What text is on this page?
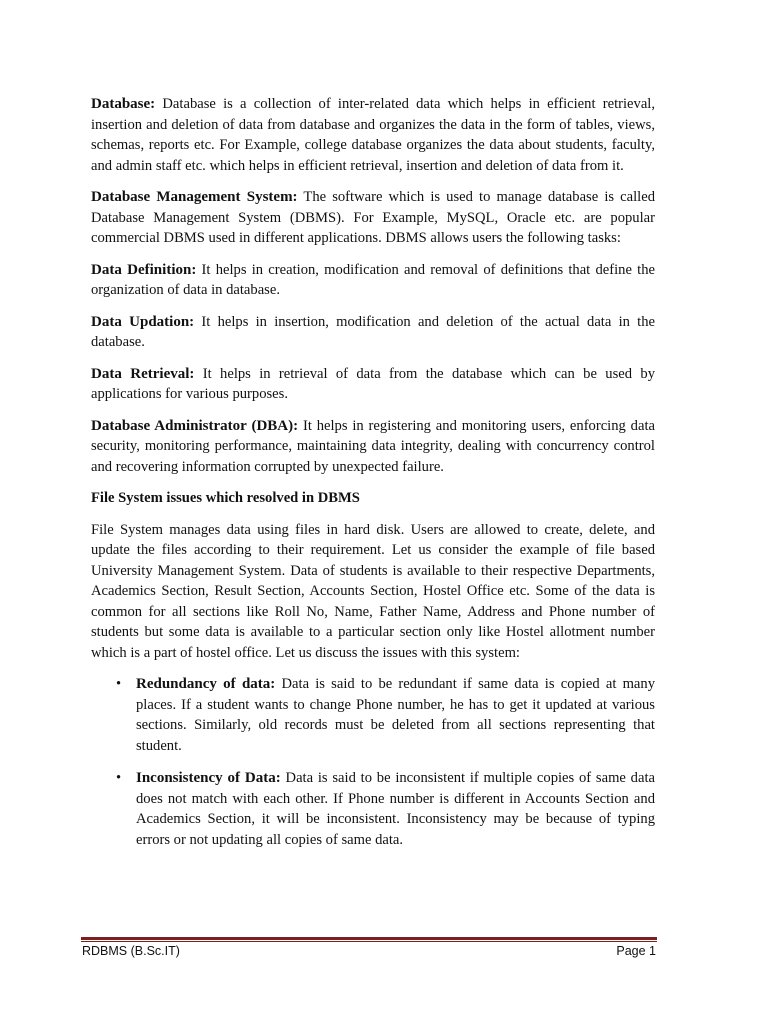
Database: Database is a collection of inter-related data which helps in efficient retrieval, insertion and deletion of data from database and organizes the data in the form of tables, views, schemas, reports etc. For Example, college database organizes the data about students, faculty, and admin staff etc. which helps in efficient retrieval, insertion and deletion of data from it.

Database Management System: The software which is used to manage database is called Database Management System (DBMS). For Example, MySQL, Oracle etc. are popular commercial DBMS used in different applications. DBMS allows users the following tasks:

Data Definition: It helps in creation, modification and removal of definitions that define the organization of data in database.

Data Updation: It helps in insertion, modification and deletion of the actual data in the database.

Data Retrieval: It helps in retrieval of data from the database which can be used by applications for various purposes.

Database Administrator (DBA): It helps in registering and monitoring users, enforcing data security, monitoring performance, maintaining data integrity, dealing with concurrency control and recovering information corrupted by unexpected failure.

File System issues which resolved in DBMS

File System manages data using files in hard disk. Users are allowed to create, delete, and update the files according to their requirement. Let us consider the example of file based University Management System. Data of students is available to their respective Departments, Academics Section, Result Section, Accounts Section, Hostel Office etc. Some of the data is common for all sections like Roll No, Name, Father Name, Address and Phone number of students but some data is available to a particular section only like Hostel allotment number which is a part of hostel office. Let us discuss the issues with this system:

• Redundancy of data: Data is said to be redundant if same data is copied at many places. If a student wants to change Phone number, he has to get it updated at various sections. Similarly, old records must be deleted from all sections representing that student.

• Inconsistency of Data: Data is said to be inconsistent if multiple copies of same data does not match with each other. If Phone number is different in Accounts Section and Academics Section, it will be inconsistent. Inconsistency may be because of typing errors or not updating all copies of same data.

RDBMS (B.Sc.IT)	Page 1
